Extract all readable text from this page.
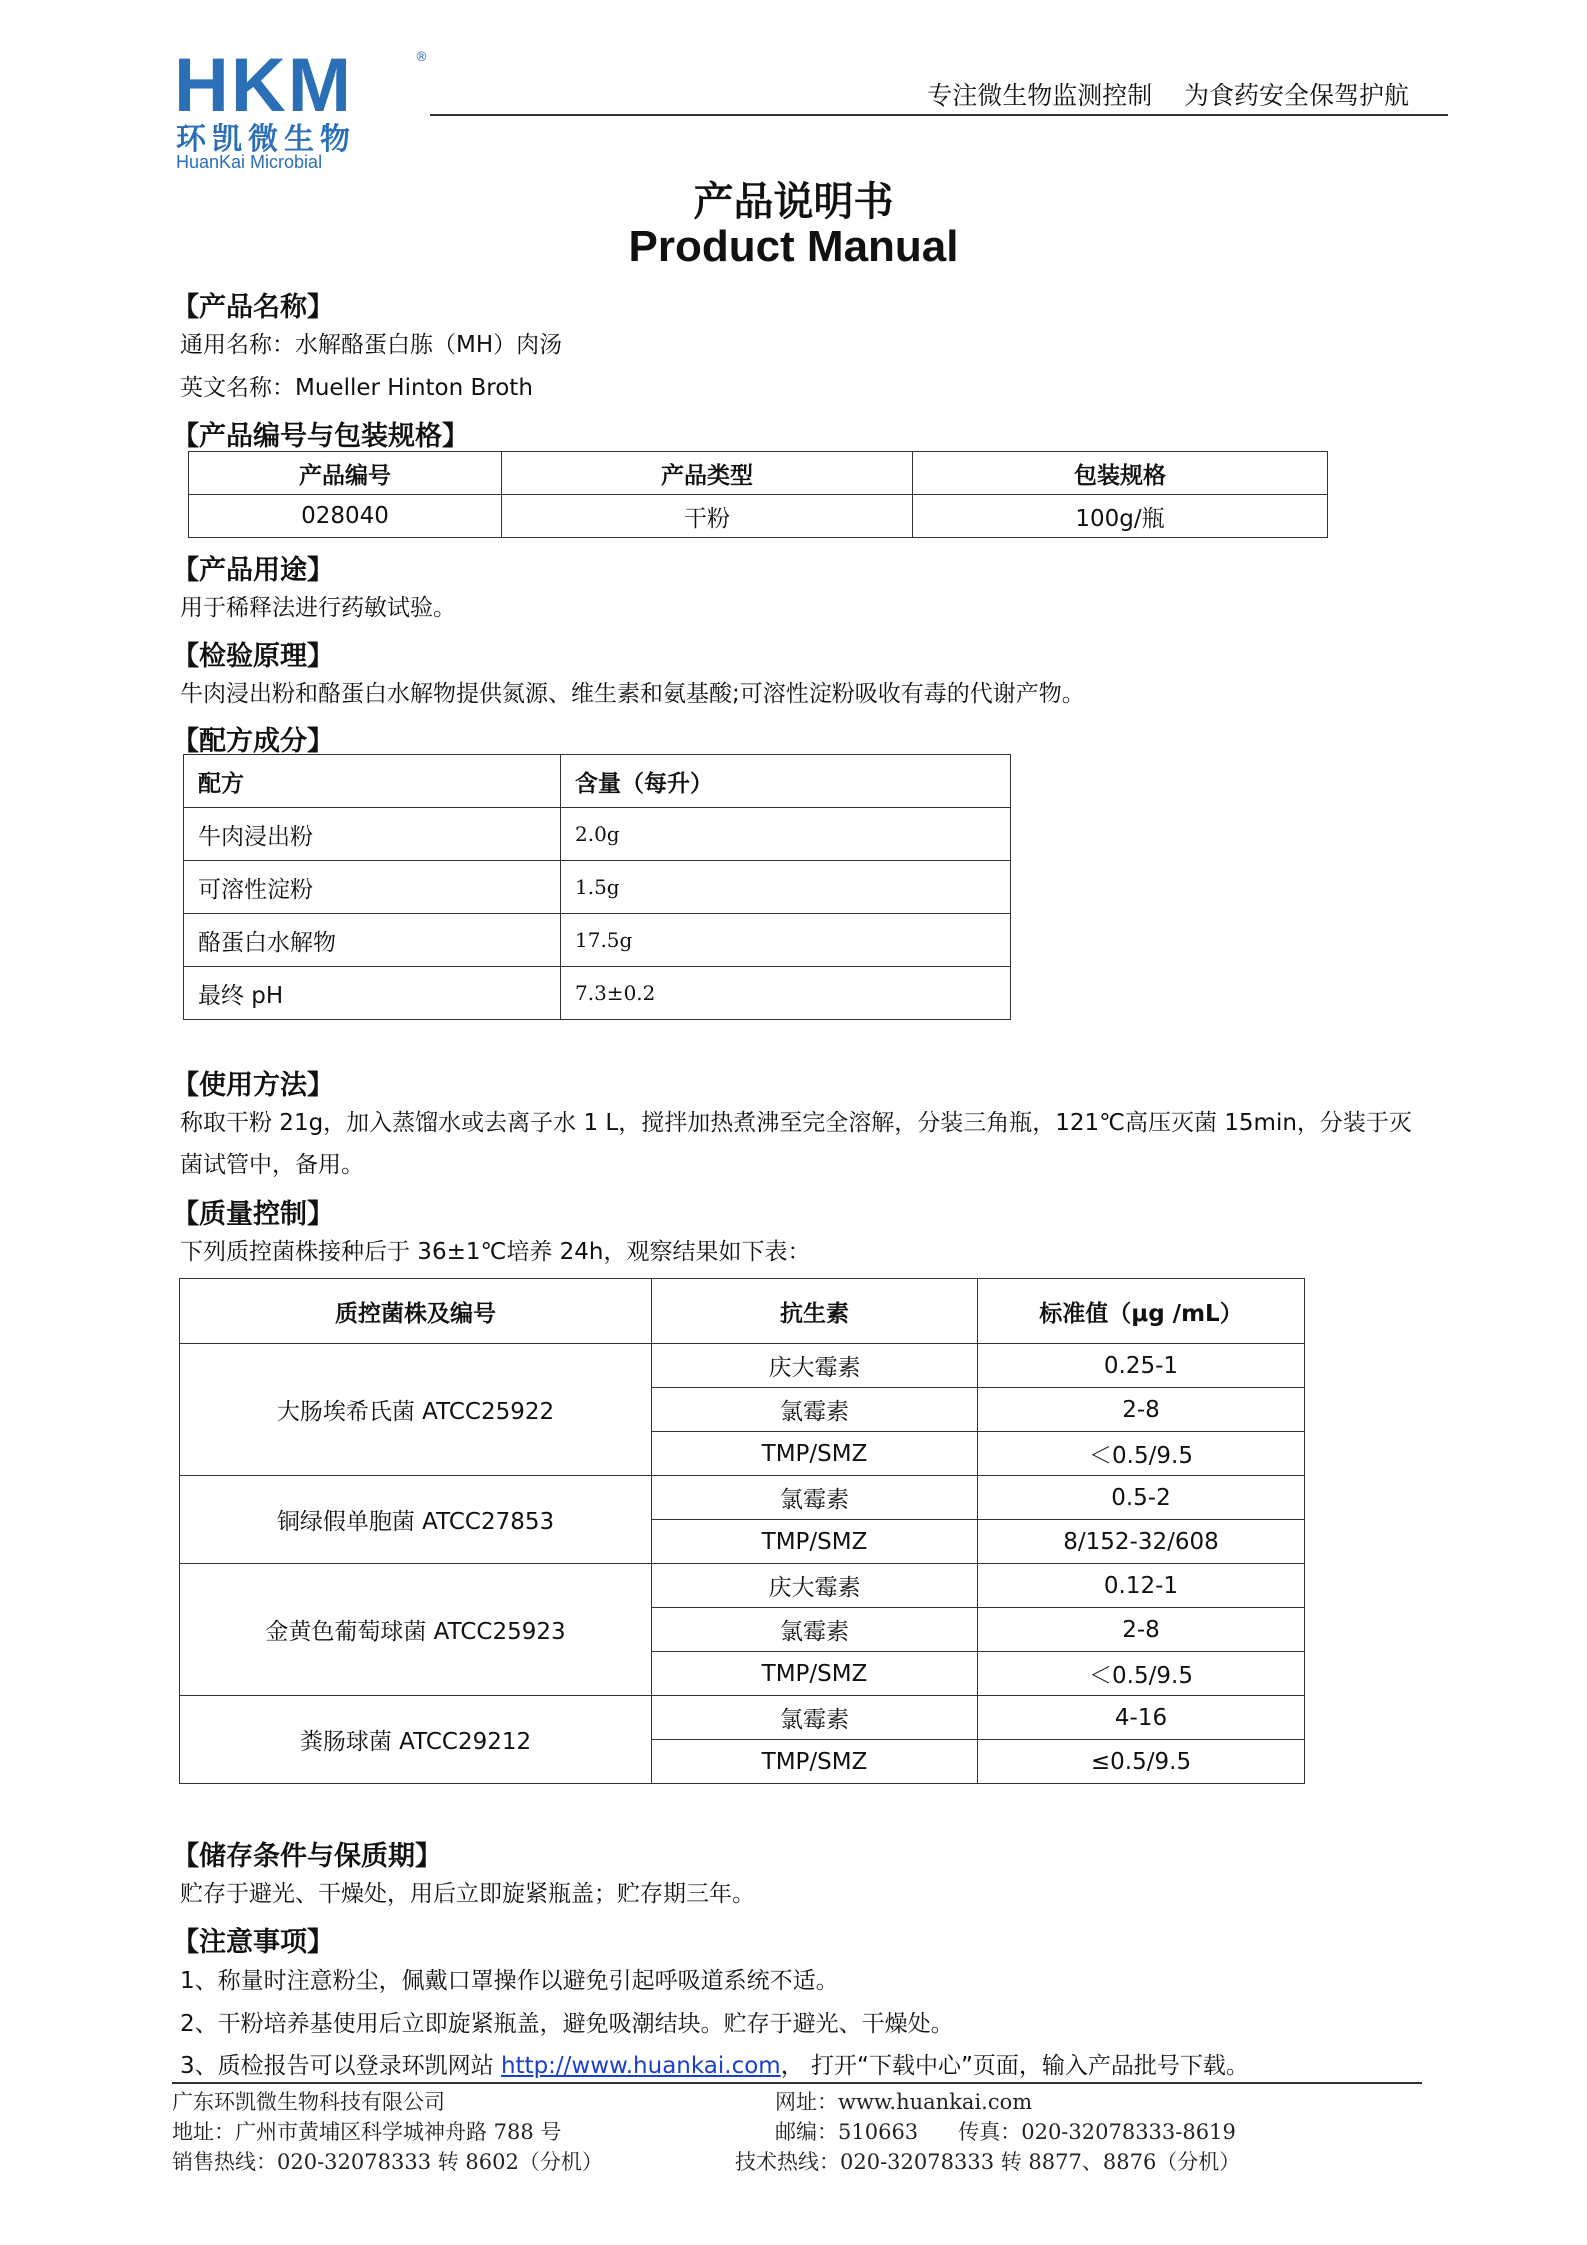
HKM	®
环凯微生物
HuanKai Microbial
专注微生物监测控制    为食药安全保驾护航
产品说明书
Product Manual
【产品名称】
通用名称：水解酪蛋白胨（MH）肉汤
英文名称：Mueller Hinton Broth
【产品编号与包装规格】
产品编号	产品类型	包装规格
028040	干粉	100g/瓶
【产品用途】
用于稀释法进行药敏试验。
【检验原理】
牛肉浸出粉和酪蛋白水解物提供氮源、维生素和氨基酸;可溶性淀粉吸收有毒的代谢产物。
【配方成分】
配方	含量（每升）
牛肉浸出粉	2.0g
可溶性淀粉	1.5g
酪蛋白水解物	17.5g
最终 pH	7.3±0.2
【使用方法】
称取干粉 21g，加入蒸馏水或去离子水 1 L，搅拌加热煮沸至完全溶解，分装三角瓶，121℃高压灭菌 15min，分装于灭
菌试管中，备用。
【质量控制】
下列质控菌株接种后于 36±1℃培养 24h，观察结果如下表：
质控菌株及编号	抗生素	标准值（μg /mL）
大肠埃希氏菌 ATCC25922	庆大霉素	0.25-1
	氯霉素	2-8
	TMP/SMZ	＜0.5/9.5
铜绿假单胞菌 ATCC27853	氯霉素	0.5-2
	TMP/SMZ	8/152-32/608
金黄色葡萄球菌 ATCC25923	庆大霉素	0.12-1
	氯霉素	2-8
	TMP/SMZ	＜0.5/9.5
粪肠球菌 ATCC29212	氯霉素	4-16
	TMP/SMZ	≤0.5/9.5
【储存条件与保质期】
贮存于避光、干燥处，用后立即旋紧瓶盖；贮存期三年。
【注意事项】
1、称量时注意粉尘，佩戴口罩操作以避免引起呼吸道系统不适。
2、干粉培养基使用后立即旋紧瓶盖，避免吸潮结块。贮存于避光、干燥处。
3、质检报告可以登录环凯网站 http://www.huankai.com， 打开“下载中心”页面，输入产品批号下载。
广东环凯微生物科技有限公司	网址：www.huankai.com
地址：广州市黄埔区科学城神舟路 788 号	邮编：510663      传真：020-32078333-8619
销售热线：020-32078333 转 8602（分机）	技术热线：020-32078333 转 8877、8876（分机）
